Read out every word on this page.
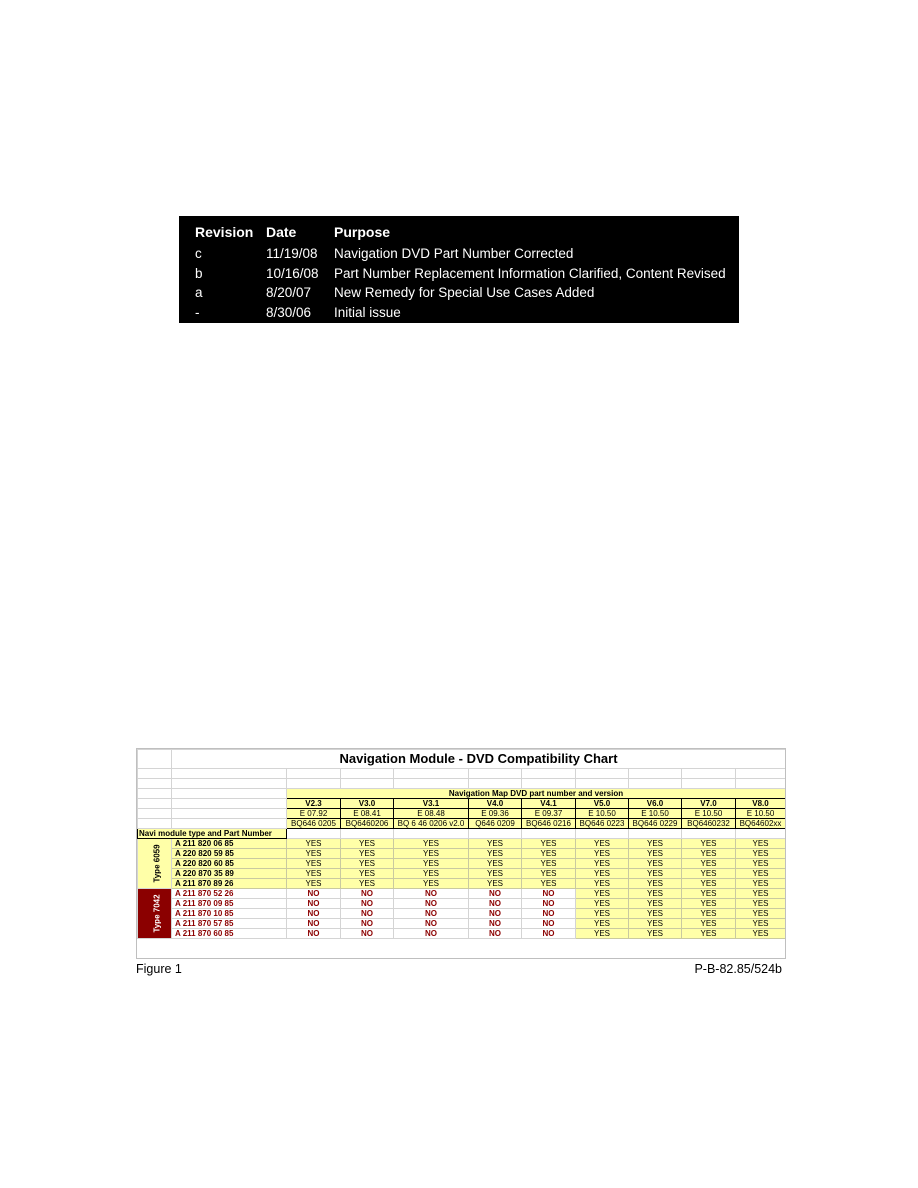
Revision	Date	Purpose
c	11/19/08	Navigation DVD Part Number Corrected
b	10/16/08	Part Number Replacement Information Clarified, Content Revised
a	8/20/07	New Remedy for Special Use Cases Added
-	8/30/06	Initial issue
	Navigation Module - DVD Compatibility Chart									

		Navigation Map DVD part number and version								
		V2.3	V3.0	V3.1	V4.0	V4.1	V5.0	V6.0	V7.0	V8.0
		E 07.92	E 08.41	E 08.48	E 09.36	E 09.37	E 10.50	E 10.50	E 10.50	E 10.50
		BQ646 0205	BQ6460206	BQ 6 46 0206 v2.0	Q646 0209	BQ646 0216	BQ646 0223	BQ646 0229	BQ6460232	BQ64602xx
Navi module type and Part Number										
Type 6059	A 211 820 06 85	YES	YES	YES	YES	YES	YES	YES	YES	YES
	A 220 820 59 85	YES	YES	YES	YES	YES	YES	YES	YES	YES
	A 220 820 60 85	YES	YES	YES	YES	YES	YES	YES	YES	YES
	A 220 870 35 89	YES	YES	YES	YES	YES	YES	YES	YES	YES
	A 211 870 89 26	YES	YES	YES	YES	YES	YES	YES	YES	YES
Type 7042	A 211 870 52 26	NO	NO	NO	NO	NO	YES	YES	YES	YES
	A 211 870 09 85	NO	NO	NO	NO	NO	YES	YES	YES	YES
	A 211 870 10 85	NO	NO	NO	NO	NO	YES	YES	YES	YES
	A 211 870 57 85	NO	NO	NO	NO	NO	YES	YES	YES	YES
	A 211 870 60 85	NO	NO	NO	NO	NO	YES	YES	YES	YES
Figure 1	P-B-82.85/524b
